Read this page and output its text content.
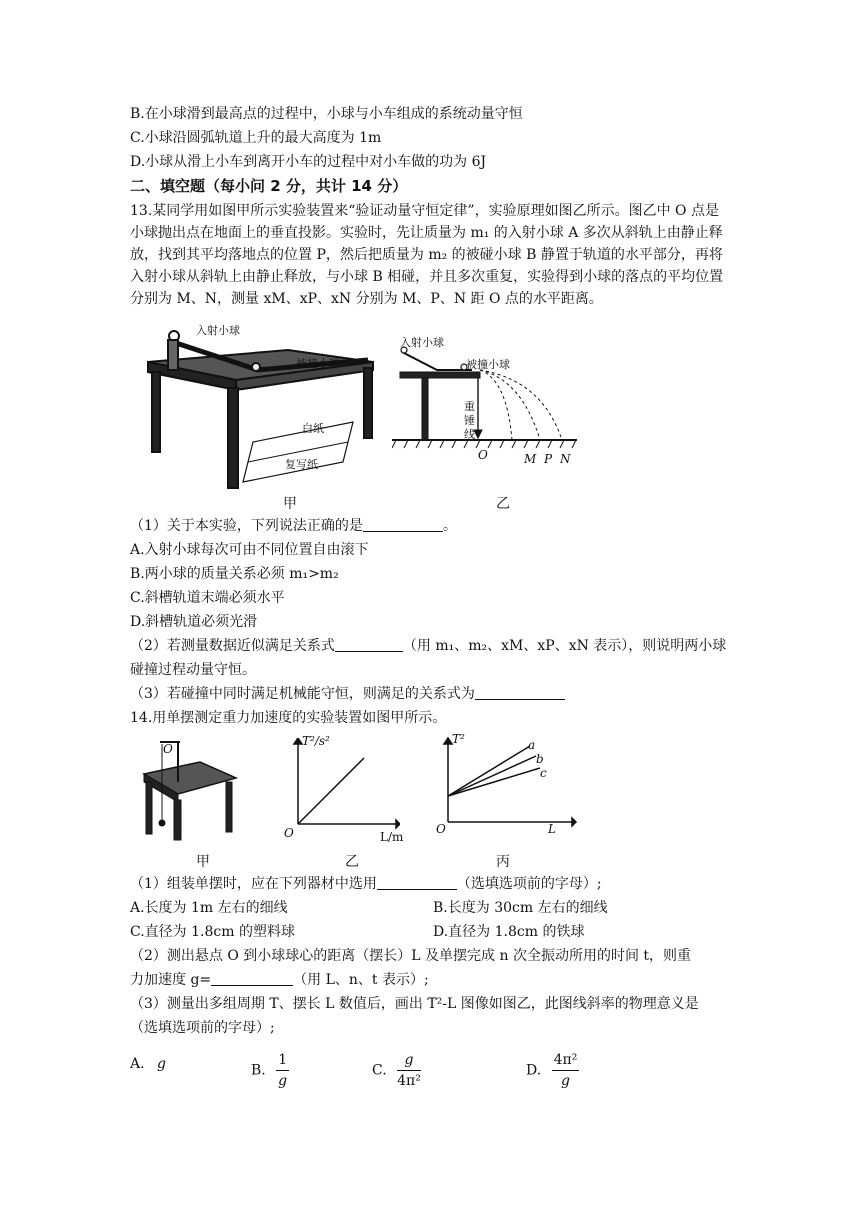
B.在小球滑到最高点的过程中，小球与小车组成的系统动量守恒
C.小球沿圆弧轨道上升的最大高度为 1m
D.小球从滑上小车到离开小车的过程中对小车做的功为 6J
二、填空题（每小问 2 分，共计 14 分）
13.某同学用如图甲所示实验装置来“验证动量守恒定律”，实验原理如图乙所示。图乙中 O 点是小球抛出点在地面上的垂直投影。实验时，先让质量为 m₁ 的入射小球 A 多次从斜轨上由静止释放，找到其平均落地点的位置 P，然后把质量为 m₂ 的被碰小球 B 静置于轨道的水平部分，再将入射小球从斜轨上由静止释放，与小球 B 相碰，并且多次重复，实验得到小球的落点的平均位置分别为 M、N，测量 xM、xP、xN 分别为 M、P、N 距 O 点的水平距离。
入射小球
被撞小球
白纸
复写纸
甲
入射小球
被撞小球
重锤线
O	M P N
乙
（1）关于本实验，下列说法正确的是	。
A.入射小球每次可由不同位置自由滚下
B.两小球的质量关系必须 m₁>m₂
C.斜槽轨道末端必须水平
D.斜槽轨道必须光滑
（2）若测量数据近似满足关系式	（用 m₁、m₂、xM、xP、xN 表示），则说明两小球
碰撞过程动量守恒。
（3）若碰撞中同时满足机械能守恒，则满足的关系式为
14.用单摆测定重力加速度的实验装置如图甲所示。
O
甲
T²/s²
L/m
O
乙
T²
L
O
a
b
c
丙
（1）组装单摆时，应在下列器材中选用	（选填选项前的字母）;
A.长度为 1m 左右的细线	B.长度为 30cm 左右的细线
C.直径为 1.8cm 的塑料球	D.直径为 1.8cm 的铁球
（2）测出悬点 O 到小球球心的距离（摆长）L 及单摆完成 n 次全振动所用的时间 t，则重
力加速度 g=	（用 L、n、t 表示）;
（3）测量出多组周期 T、摆长 L 数值后，画出 T²-L 图像如图乙，此图线斜率的物理意义是
（选填选项前的字母）;
A. g	B. $\frac{1}{g}$	C. $\frac{g}{\text{4π²}}$	D. $\frac{\text{4π²}}{g}$
